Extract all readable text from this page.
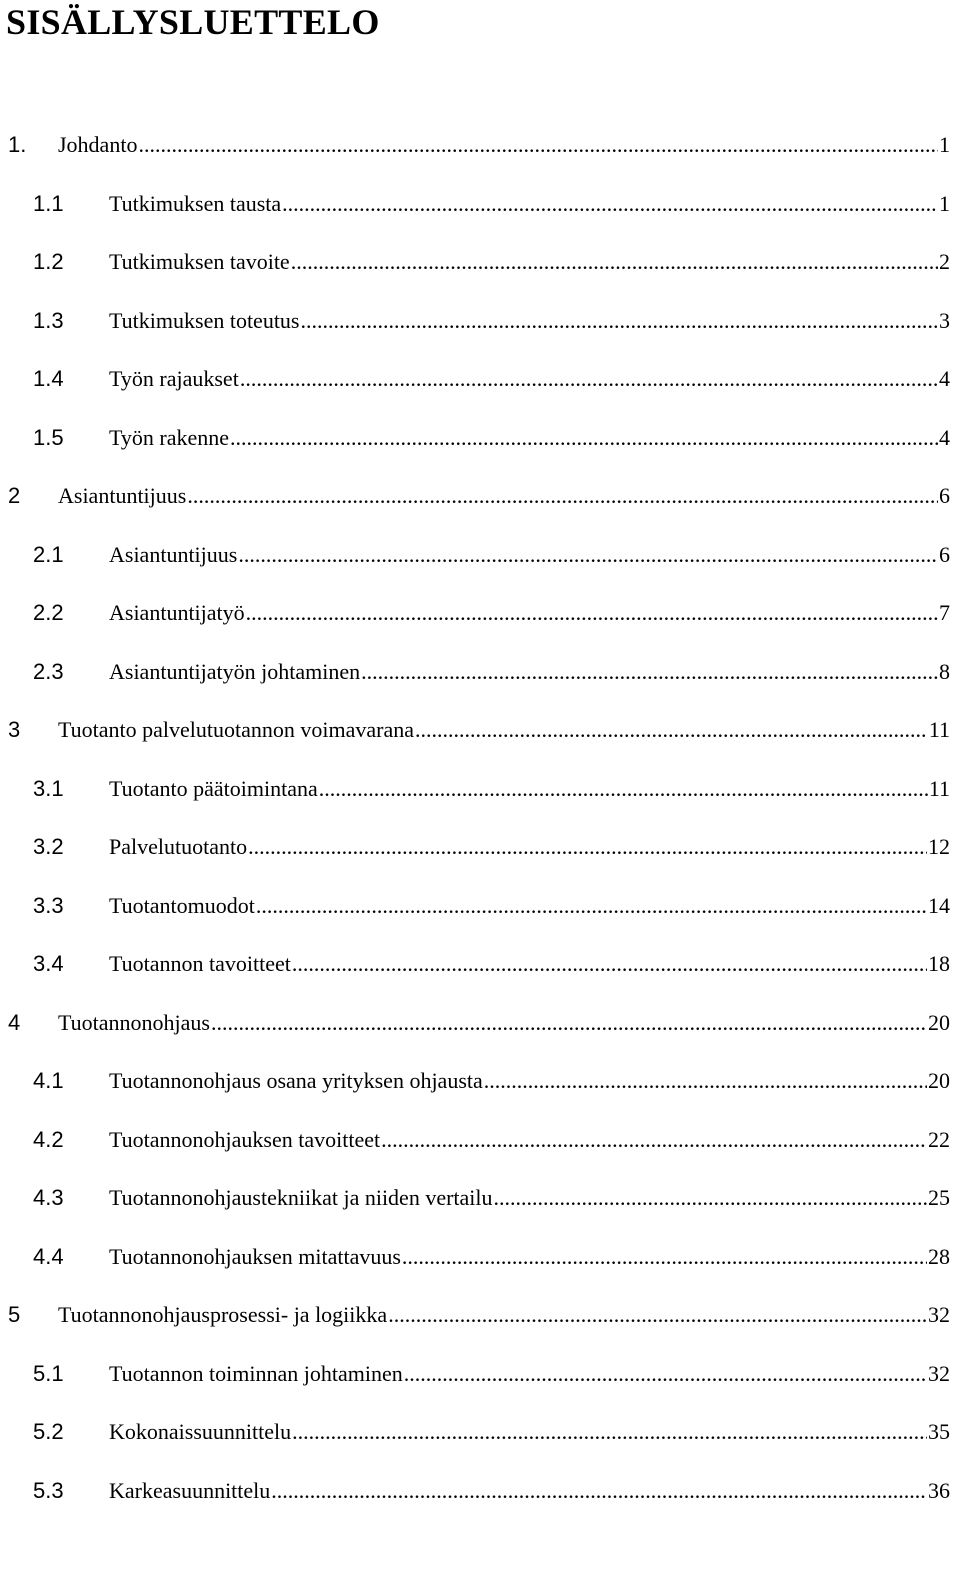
SISÄLLYSLUETTELO
1. Johdanto .....	1
1.1 Tutkimuksen tausta .....	1
1.2 Tutkimuksen tavoite .....	2
1.3 Tutkimuksen toteutus .....	3
1.4 Työn rajaukset .....	4
1.5 Työn rakenne .....	4
2 Asiantuntijuus .....	6
2.1 Asiantuntijuus .....	6
2.2 Asiantuntijatyö .....	7
2.3 Asiantuntijatyön johtaminen .....	8
3 Tuotanto palvelutuotannon voimavarana .....	11
3.1 Tuotanto päätoimintana .....	11
3.2 Palvelutuotanto .....	12
3.3 Tuotantomuodot .....	14
3.4 Tuotannon tavoitteet .....	18
4 Tuotannonohjaus .....	20
4.1 Tuotannonohjaus osana yrityksen ohjausta .....	20
4.2 Tuotannonohjauksen tavoitteet .....	22
4.3 Tuotannonohjaustekniikat ja niiden vertailu .....	25
4.4 Tuotannonohjauksen mitattavuus .....	28
5 Tuotannonohjausprosessi- ja logiikka .....	32
5.1 Tuotannon toiminnan johtaminen .....	32
5.2 Kokonaissuunnittelu .....	35
5.3 Karkeasuunnittelu .....	36
